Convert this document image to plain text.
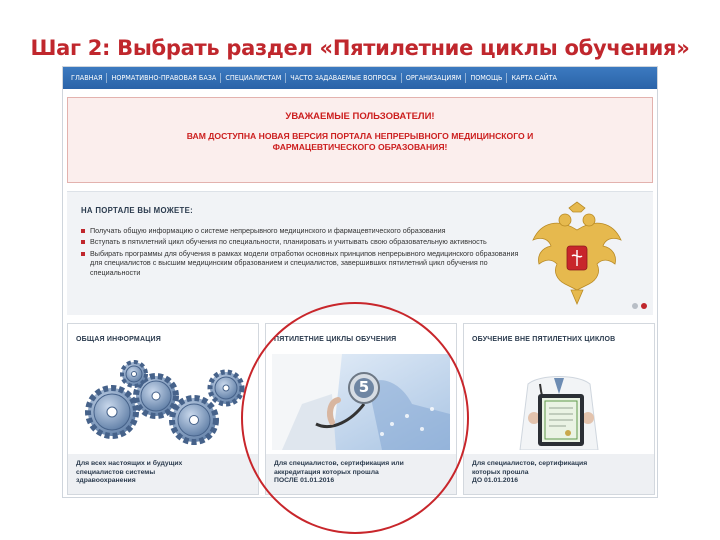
Шаг 2: Выбрать раздел «Пятилетние циклы обучения»
ГЛАВНАЯ	НОРМАТИВНО-ПРАВОВАЯ БАЗА	СПЕЦИАЛИСТАМ	ЧАСТО ЗАДАВАЕМЫЕ ВОПРОСЫ	ОРГАНИЗАЦИЯМ	ПОМОЩЬ	КАРТА САЙТА
УВАЖАЕМЫЕ ПОЛЬЗОВАТЕЛИ!
ВАМ ДОСТУПНА НОВАЯ ВЕРСИЯ ПОРТАЛА НЕПРЕРЫВНОГО МЕДИЦИНСКОГО И ФАРМАЦЕВТИЧЕСКОГО ОБРАЗОВАНИЯ!
НА ПОРТАЛЕ ВЫ МОЖЕТЕ:
Получать общую информацию о системе непрерывного медицинского и фармацевтического образования
Вступать в пятилетний цикл обучения по специальности, планировать и учитывать свою образовательную активность
Выбирать программы для обучения в рамках модели отработки основных принципов непрерывного медицинского образования для специалистов с высшим медицинским образованием и специалистов, завершивших пятилетний цикл обучения по специальности
ОБЩАЯ ИНФОРМАЦИЯ
Для всех настоящих и будущих
специалистов системы
здравоохранения
ПЯТИЛЕТНИЕ ЦИКЛЫ ОБУЧЕНИЯ
5
Для специалистов, сертификация или
аккредитация которых прошла
ПОСЛЕ 01.01.2016
ОБУЧЕНИЕ ВНЕ ПЯТИЛЕТНИХ ЦИКЛОВ
Для специалистов, сертификация
которых прошла
ДО 01.01.2016
